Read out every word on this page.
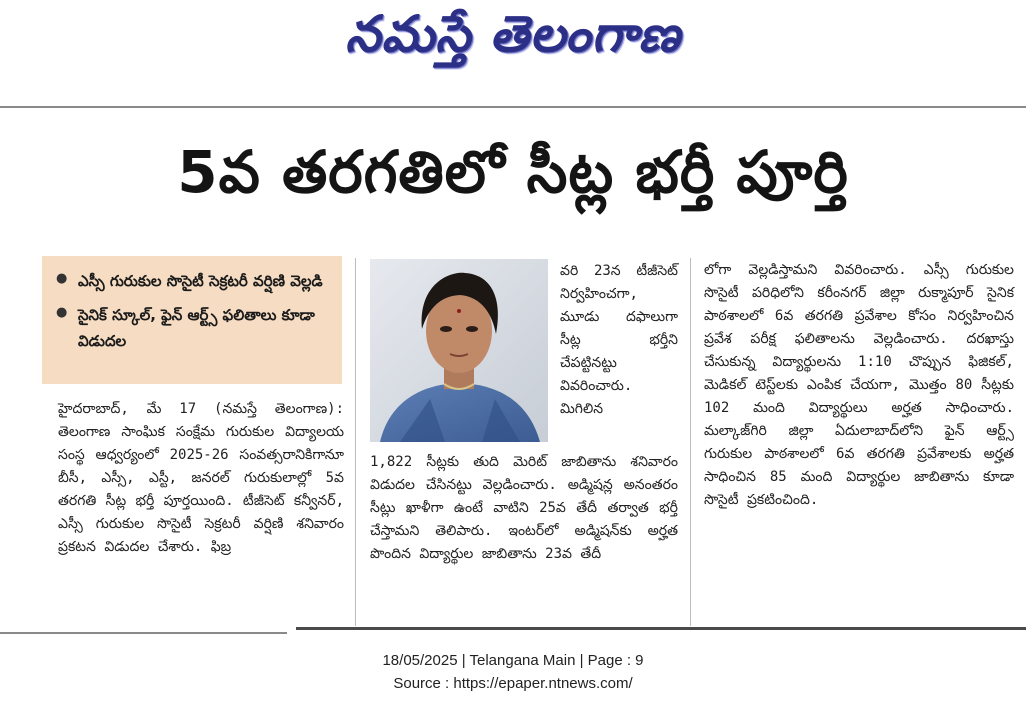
నమస్తే తెలంగాణ
5వ తరగతిలో సీట్ల భర్తీ పూర్తి
● ఎస్సీ గురుకుల సొసైటీ సెక్రటరీ వర్షిణి వెల్లడి
● సైనిక్ స్కూల్, ఫైన్ ఆర్ట్స్ ఫలితాలు కూడా విడుదల
వరి 23న టీజీసెట్ నిర్వహించగా, మూడు దఫాలుగా సీట్ల భర్తీని చేపట్టినట్టు వివరించారు. మిగిలిన
హైదరాబాద్, మే 17 (నమస్తే తెలంగాణ): తెలంగాణ సాంఘిక సంక్షేమ గురుకుల విద్యాలయ సంస్థ ఆధ్వర్యంలో 2025-26 సంవత్సరానికిగానూ బీసీ, ఎస్సీ, ఎస్టీ, జనరల్ గురుకులాల్లో 5వ తరగతి సీట్ల భర్తీ పూర్తయింది. టీజీసెట్ కన్వీనర్, ఎస్సీ గురుకుల సొసైటీ సెక్రటరీ వర్షిణి శనివారం ప్రకటన విడుదల చేశారు. ఫిబ్ర
1,822 సీట్లకు తుది మెరిట్ జాబితాను శనివారం విడుదల చేసినట్టు వెల్లడించారు. అడ్మిషన్ల అనంతరం సీట్లు ఖాళీగా ఉంటే వాటిని 25వ తేదీ తర్వాత భర్తీ చేస్తామని తెలిపారు. ఇంటర్‌లో అడ్మిషన్‌కు అర్హత పొందిన విద్యార్థుల జాబితాను 23వ తేదీ
లోగా వెల్లడిస్తామని వివరించారు. ఎస్సీ గురుకుల సొసైటీ పరిధిలోని కరీంనగర్ జిల్లా రుక్మాపూర్ సైనిక పాఠశాలలో 6వ తరగతి ప్రవేశాల కోసం నిర్వహించిన ప్రవేశ పరీక్ష ఫలితాలను వెల్లడించారు. దరఖాస్తు చేసుకున్న విద్యార్థులను 1:10 చొప్పున ఫిజికల్, మెడికల్ టెస్ట్‌లకు ఎంపిక చేయగా, మొత్తం 80 సీట్లకు 102 మంది విద్యార్థులు అర్హత సాధించారు. మల్కాజ్‌గిరి జిల్లా ఏదులాబాద్‌లోని ఫైన్ ఆర్ట్స్ గురుకుల పాఠశాలలో 6వ తరగతి ప్రవేశాలకు అర్హత సాధించిన 85 మంది విద్యార్థుల జాబితాను కూడా సొసైటీ ప్రకటించింది.
18/05/2025 | Telangana Main | Page : 9
Source : https://epaper.ntnews.com/
